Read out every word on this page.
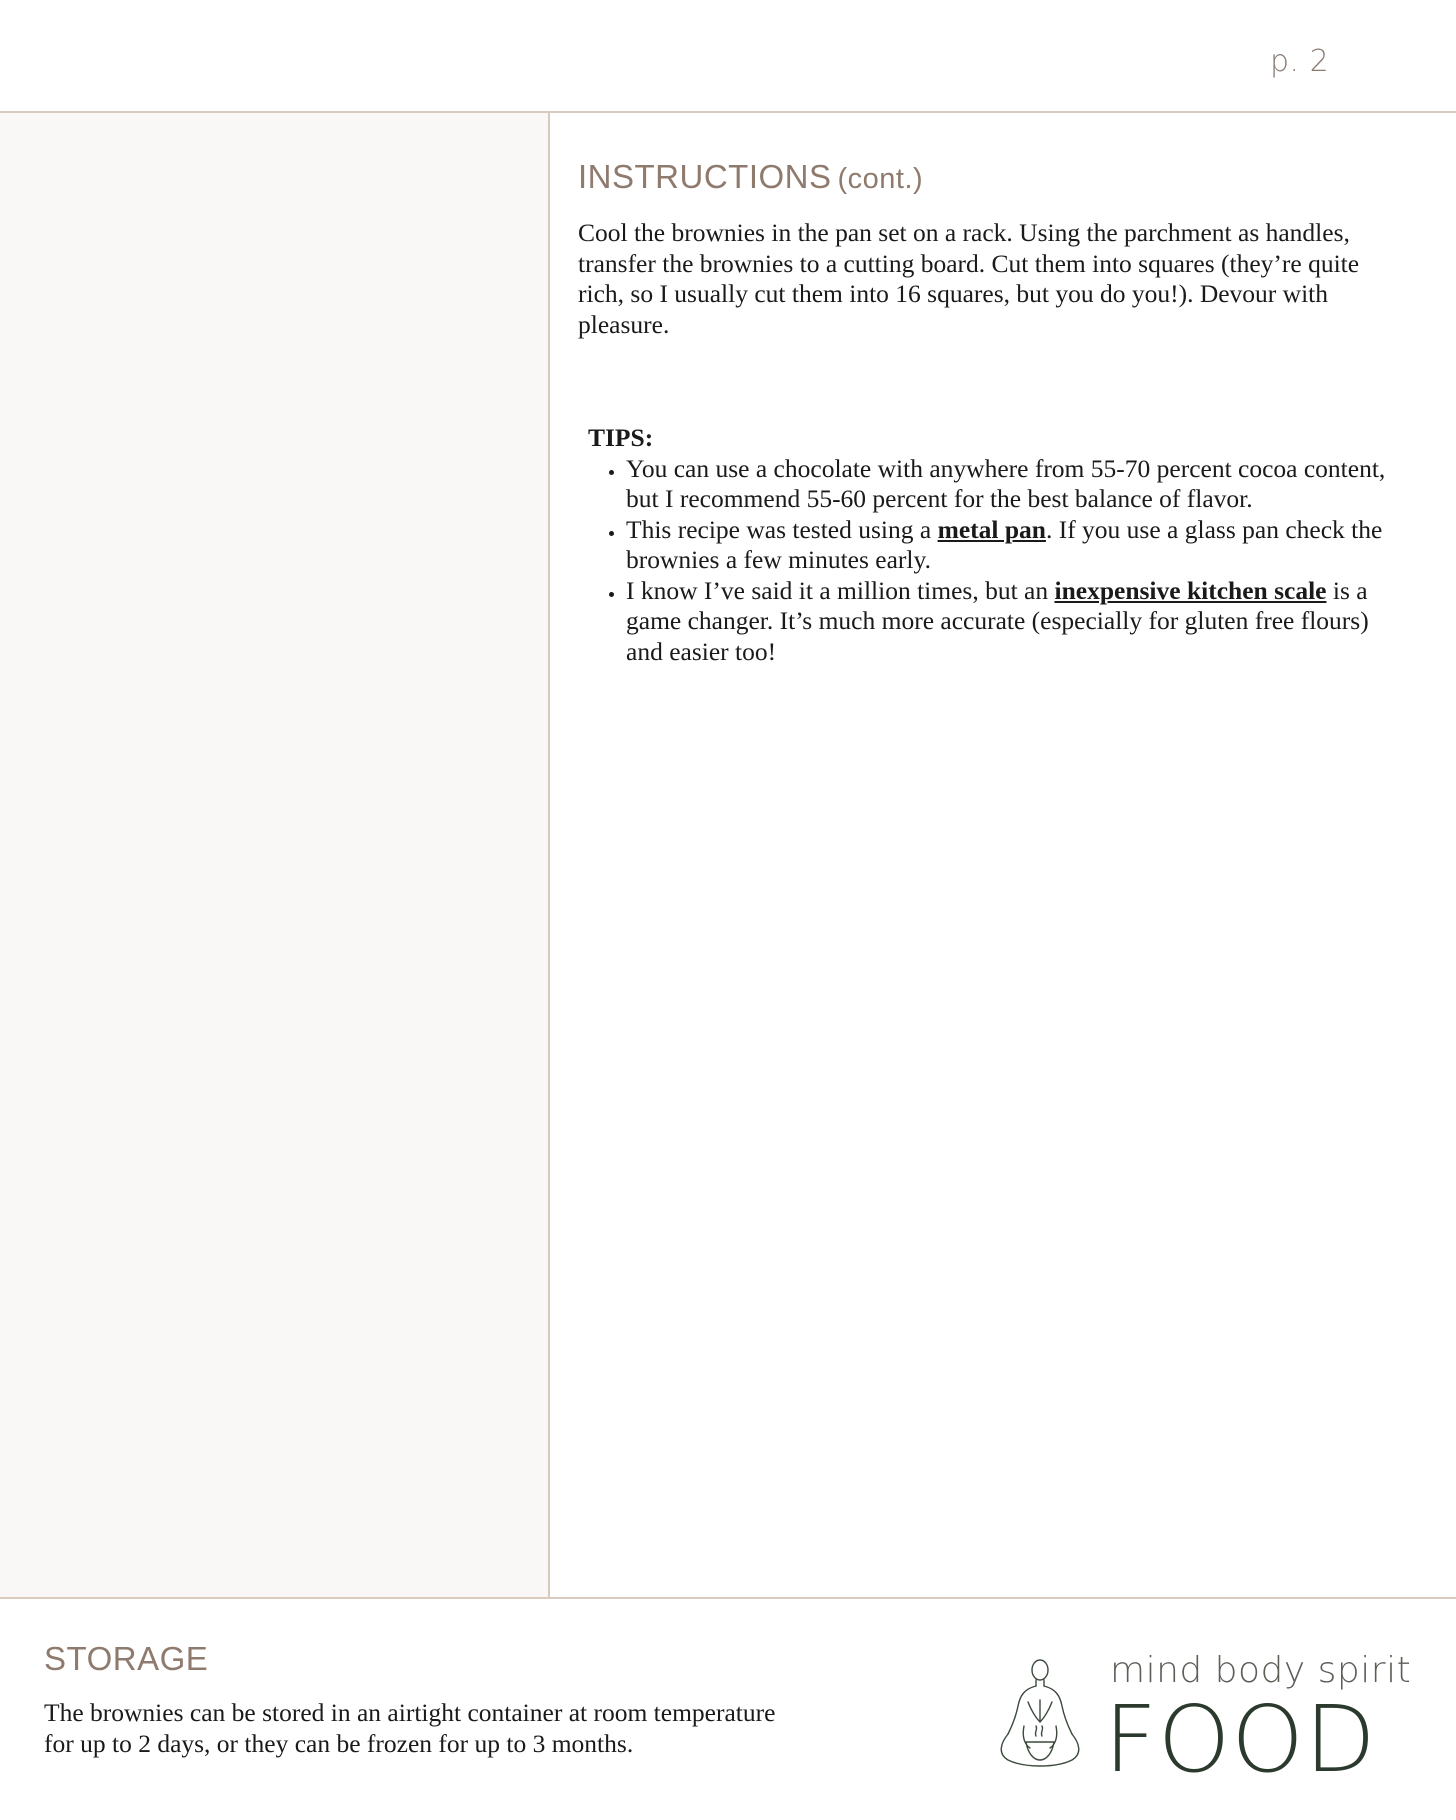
p. 2
INSTRUCTIONS (cont.)

Cool the brownies in the pan set on a rack. Using the parchment as handles, transfer the brownies to a cutting board. Cut them into squares (they’re quite rich, so I usually cut them into 16 squares, but you do you!). Devour with pleasure.

TIPS:
• You can use a chocolate with anywhere from 55-70 percent cocoa content, but I recommend 55-60 percent for the best balance of flavor.
• This recipe was tested using a metal pan. If you use a glass pan check the brownies a few minutes early.
• I know I’ve said it a million times, but an inexpensive kitchen scale is a game changer. It’s much more accurate (especially for gluten free flours) and easier too!
STORAGE

The brownies can be stored in an airtight container at room temperature for up to 2 days, or they can be frozen for up to 3 months.

mind body spirit
FOOD
